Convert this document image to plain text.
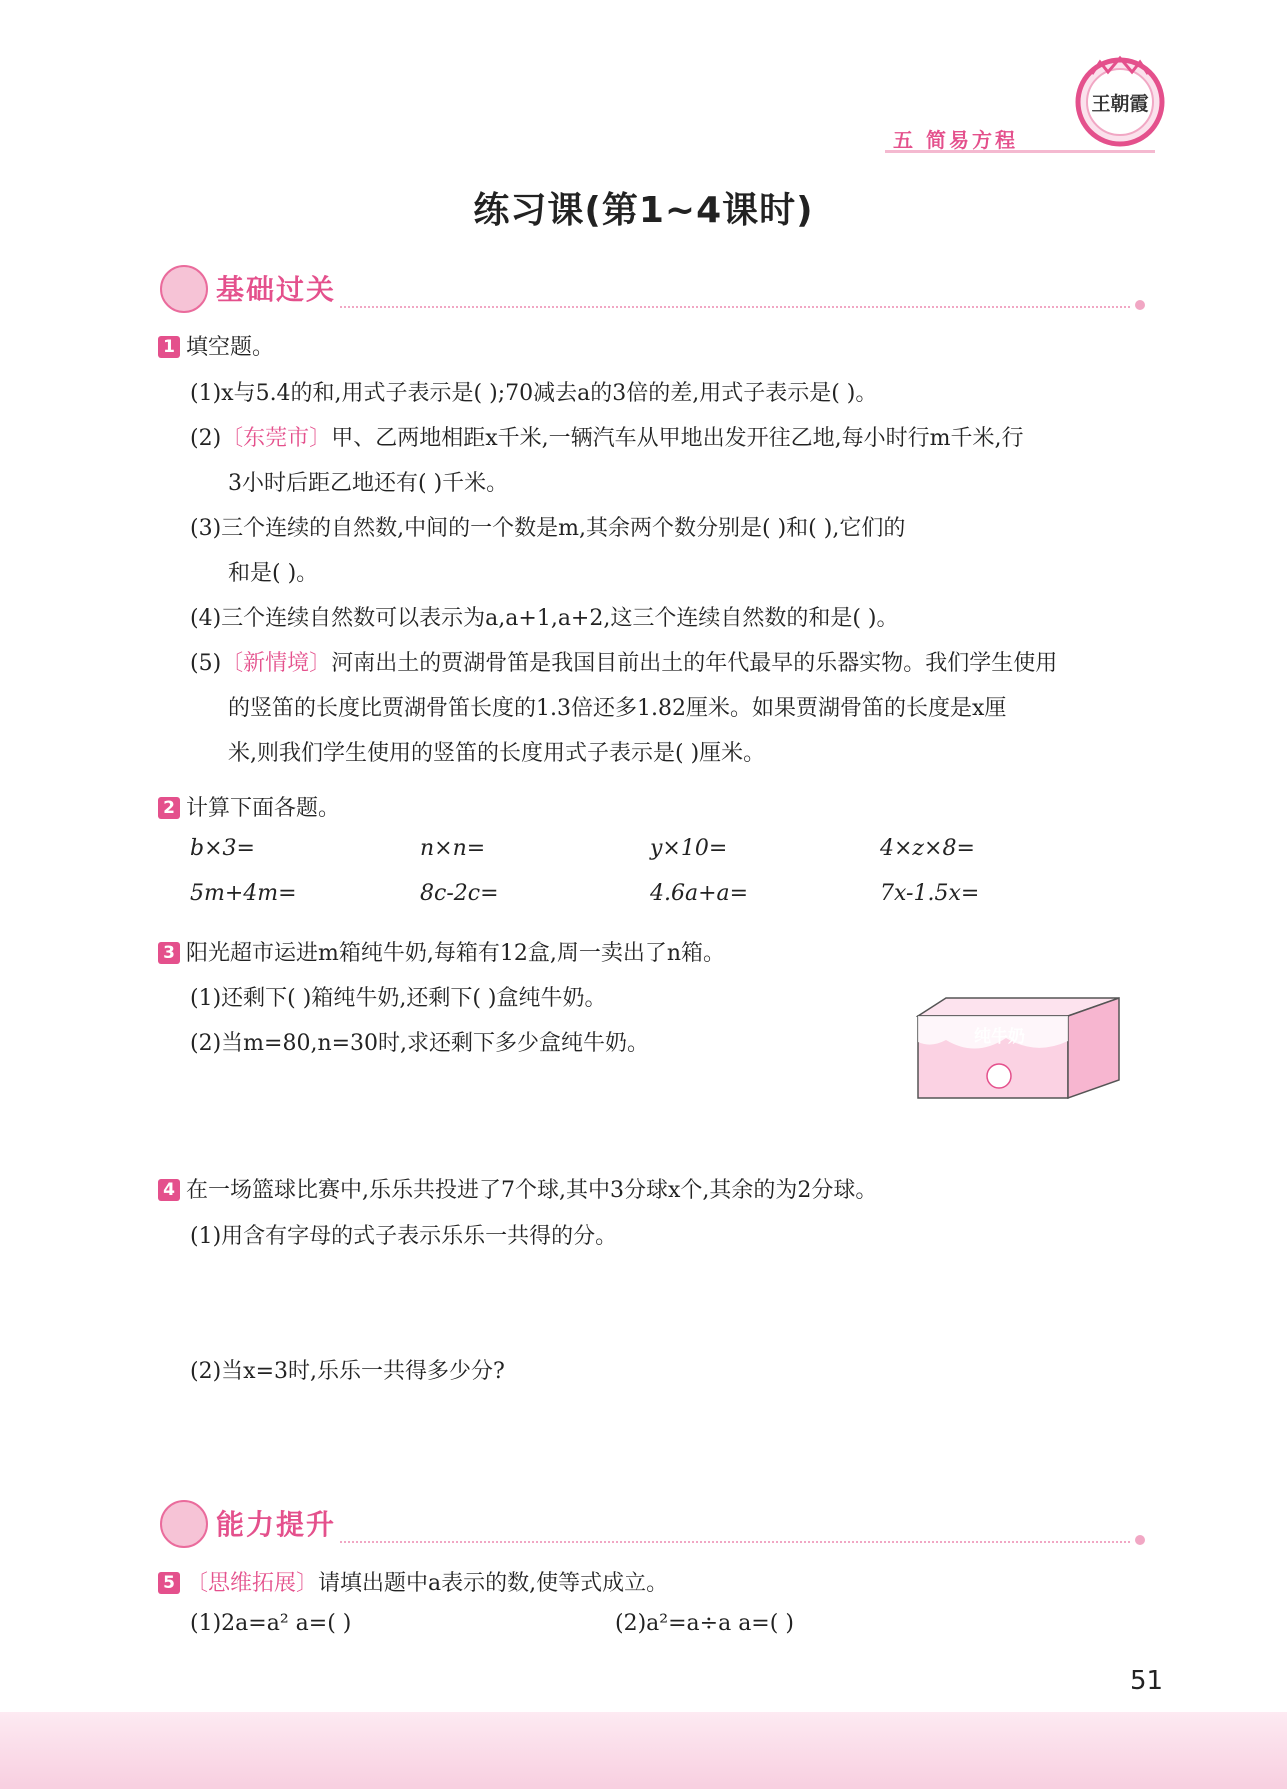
五 简易方程
王朝霞
练习课(第1~4课时)
基础过关
1 填空题。
(1)x与5.4的和,用式子表示是( );70减去a的3倍的差,用式子表示是( )。
(2)〔东莞市〕甲、乙两地相距x千米,一辆汽车从甲地出发开往乙地,每小时行m千米,行
3小时后距乙地还有( )千米。
(3)三个连续的自然数,中间的一个数是m,其余两个数分别是( )和( ),它们的
和是( )。
(4)三个连续自然数可以表示为a,a+1,a+2,这三个连续自然数的和是( )。
(5)〔新情境〕河南出土的贾湖骨笛是我国目前出土的年代最早的乐器实物。我们学生使用
的竖笛的长度比贾湖骨笛长度的1.3倍还多1.82厘米。如果贾湖骨笛的长度是x厘
米,则我们学生使用的竖笛的长度用式子表示是( )厘米。
2 计算下面各题。
b×3=	n×n=	y×10=	4×z×8=
5m+4m=	8c-2c=	4.6a+a=	7x-1.5x=
3 阳光超市运进m箱纯牛奶,每箱有12盒,周一卖出了n箱。
(1)还剩下( )箱纯牛奶,还剩下( )盒纯牛奶。
(2)当m=80,n=30时,求还剩下多少盒纯牛奶。	纯牛奶
4 在一场篮球比赛中,乐乐共投进了7个球,其中3分球x个,其余的为2分球。
(1)用含有字母的式子表示乐乐一共得的分。
(2)当x=3时,乐乐一共得多少分?
能力提升
5 〔思维拓展〕请填出题中a表示的数,使等式成立。
(1)2a=a² a=( )	(2)a²=a÷a a=( )
51
